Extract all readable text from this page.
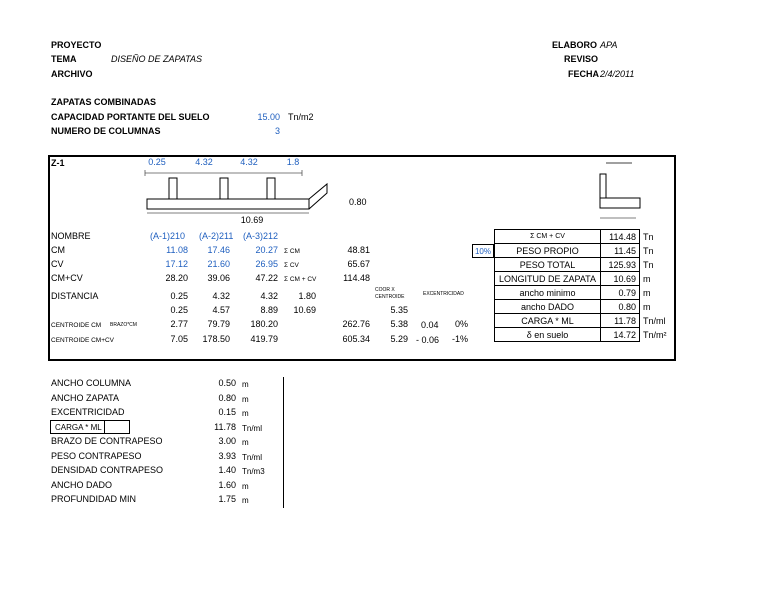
PROYECTO
TEMA	DISEÑO DE ZAPATAS
ARCHIVO
ELABORO APA
REVISO
FECHA 2/4/2011
ZAPATAS COMBINADAS
CAPACIDAD PORTANTE DEL SUELO	15.00 Tn/m2
NUMERO DE COLUMNAS	3
Z-1	0.25	4.32	4.32	1.8
10.69
0.80
NOMBRE	(A-1)210 (A-2)211 (A-3)212
CM	11.08	17.46	20.27 Σ CM	48.81
CV	17.12	21.60	26.95 Σ CV	65.67
CM+CV	28.20	39.06	47.22 Σ CM + CV	114.48
DISTANCIA	0.25	4.32	4.32	1.80
COOR X CENTROIDE	EXCENTRICIDAD
0.25	4.57	8.89	10.69	5.35
CENTROIDE CM BRAZO*CM	2.77	79.79	180.20	262.76	5.38 0.04 0%
CENTROIDE CM+CV	7.05	178.50	419.79	605.34	5.29 - 0.06 -1%
10%
Σ CM + CV	114.48	Tn
PESO PROPIO	11.45	Tn
PESO TOTAL	125.93	Tn
LONGITUD DE ZAPATA	10.69	m
ancho minimo	0.79	m
ancho DADO	0.80	m
CARGA * ML	11.78	Tn/ml
δ en suelo	14.72	Tn/m²
ANCHO COLUMNA	0.50 m
ANCHO ZAPATA	0.80 m
EXCENTRICIDAD	0.15 m
CARGA * ML	11.78 Tn/ml
BRAZO DE CONTRAPESO	3.00 m
PESO CONTRAPESO	3.93 Tn/ml
DENSIDAD CONTRAPESO	1.40 Tn/m3
ANCHO DADO	1.60 m
PROFUNDIDAD MIN	1.75 m
